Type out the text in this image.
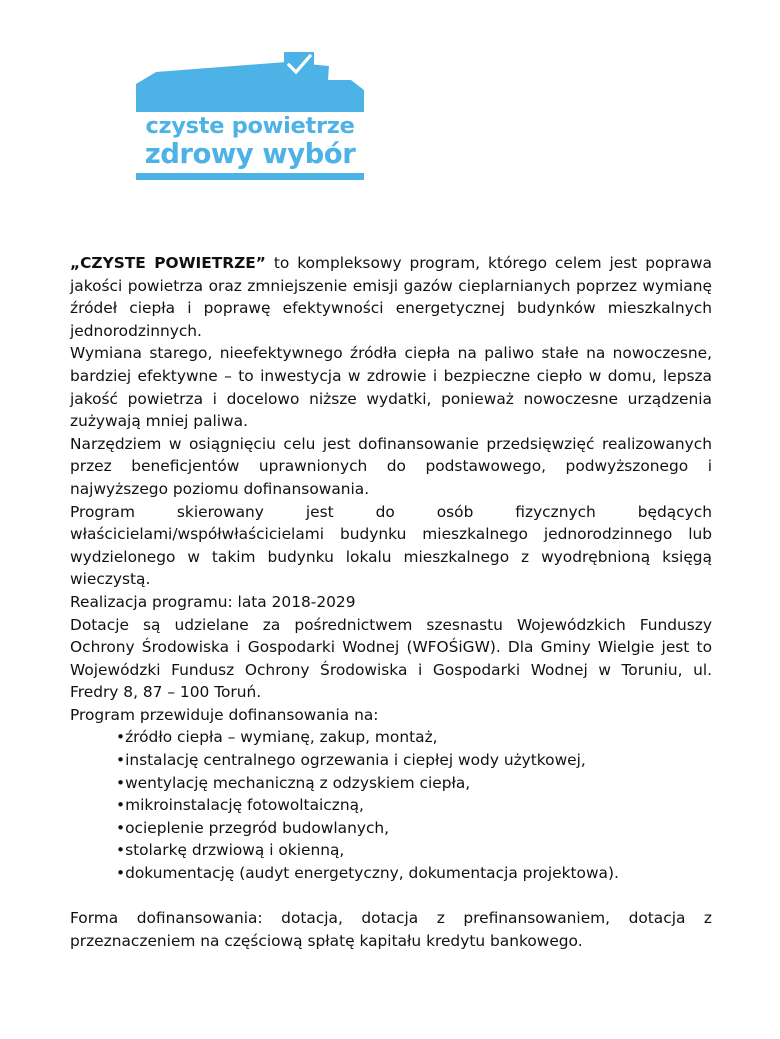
czyste powietrze
zdrowy wybór

„CZYSTE POWIETRZE” to kompleksowy program, którego celem jest poprawa jakości powietrza oraz zmniejszenie emisji gazów cieplarnianych poprzez wymianę źródeł ciepła i poprawę efektywności energetycznej budynków mieszkalnych jednorodzinnych.

Wymiana starego, nieefektywnego źródła ciepła na paliwo stałe na nowoczesne, bardziej efektywne – to inwestycja w zdrowie i bezpieczne ciepło w domu, lepsza jakość powietrza i docelowo niższe wydatki, ponieważ nowoczesne urządzenia zużywają mniej paliwa.

Narzędziem w osiągnięciu celu jest dofinansowanie przedsięwzięć realizowanych przez beneficjentów uprawnionych do podstawowego, podwyższonego i najwyższego poziomu dofinansowania.

Program skierowany jest do osób fizycznych będących właścicielami/współwłaścicielami budynku mieszkalnego jednorodzinnego lub wydzielonego w takim budynku lokalu mieszkalnego z wyodrębnioną księgą wieczystą.

Realizacja programu: lata 2018-2029

Dotacje są udzielane za pośrednictwem szesnastu Wojewódzkich Funduszy Ochrony Środowiska i Gospodarki Wodnej (WFOŚiGW). Dla Gminy Wielgie jest to Wojewódzki Fundusz Ochrony Środowiska i Gospodarki Wodnej w Toruniu, ul. Fredry 8, 87 – 100 Toruń.

Program przewiduje dofinansowania na:

•źródło ciepła – wymianę, zakup, montaż,
•instalację centralnego ogrzewania i ciepłej wody użytkowej,
•wentylację mechaniczną z odzyskiem ciepła,
•mikroinstalację fotowoltaiczną,
•ocieplenie przegród budowlanych,
•stolarkę drzwiową i okienną,
•dokumentację (audyt energetyczny, dokumentacja projektowa).

Forma dofinansowania: dotacja, dotacja z prefinansowaniem, dotacja z przeznaczeniem na częściową spłatę kapitału kredytu bankowego.
